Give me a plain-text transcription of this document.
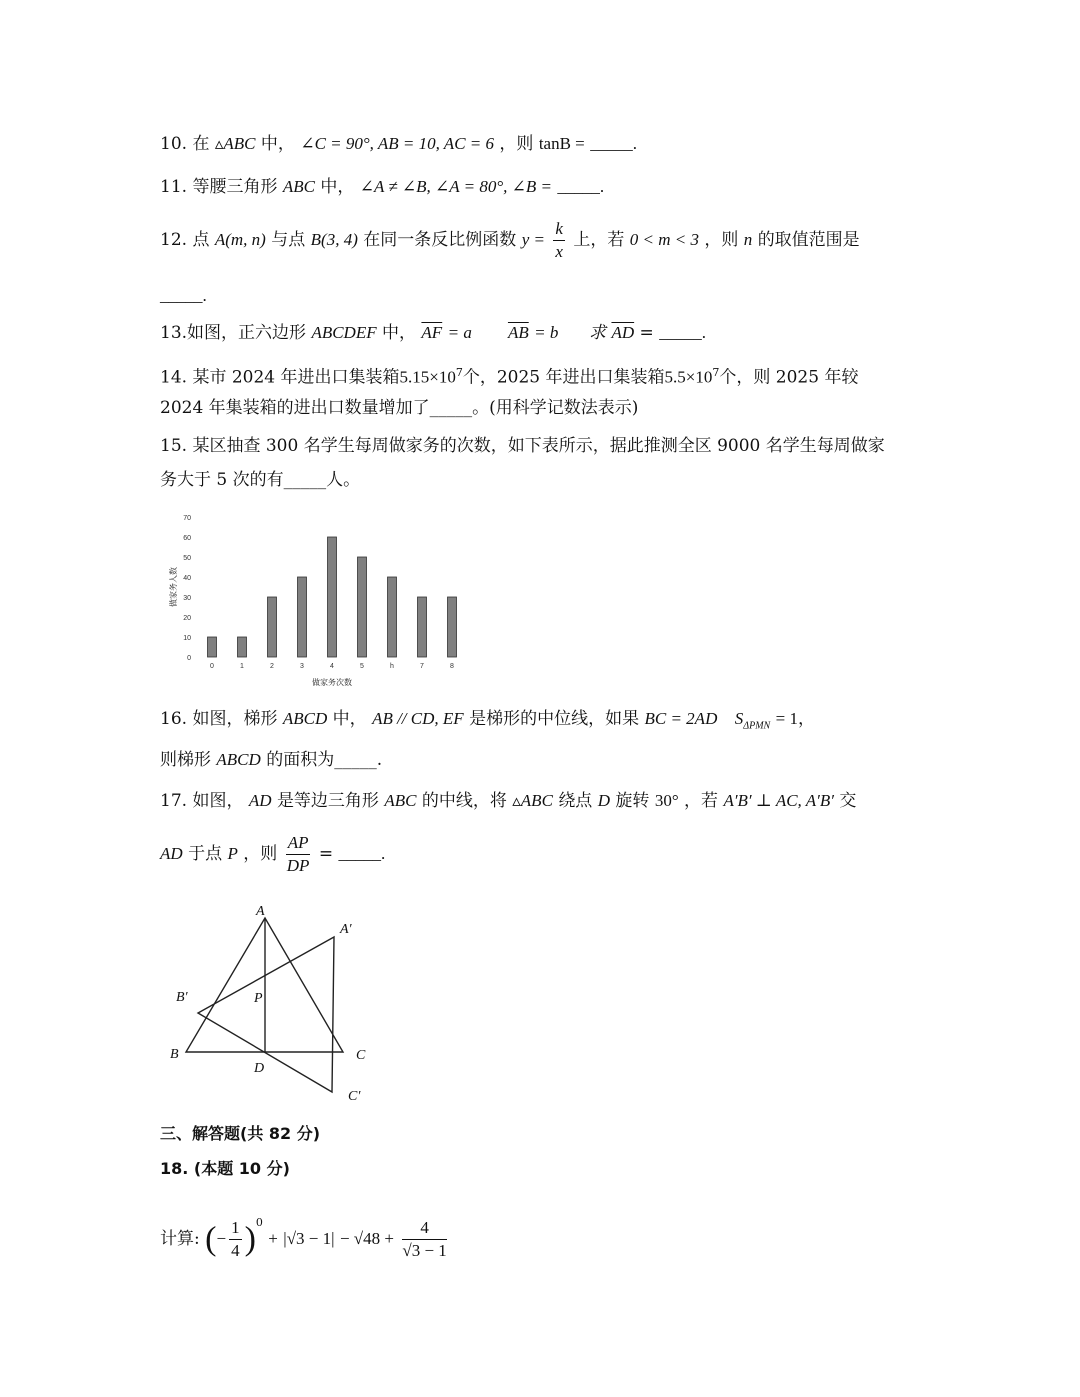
10. 在 ▵ABC 中， ∠C = 90°, AB = 10, AC = 6 ，则 tanB = _____.
11. 等腰三角形 ABC 中， ∠A ≠ ∠B, ∠A = 80°, ∠B = _____.
12. 点 A(m, n) 与点 B(3, 4) 在同一条反比例函数 $y = \frac{k}{x}$ 上，若 0 < m < 3 ，则 n 的取值范围是
_____.
13.如图，正六边形 ABCDEF 中， $\overline{AF}$ = a⃗ ， $\overline{AB}$ = b⃗ ，求 $\overline{AD}$ = _____.
14. 某市 2024 年进出口集装箱$5.15\times 10^7$个，2025 年进出口集装箱$5.5\times 10^7$个，则 2025 年较
2024 年集装箱的进出口数量增加了_____。(用科学记数法表示)
15. 某区抽查 300 名学生每周做家务的次数，如下表所示，据此推测全区 9000 名学生每周做家
务大于 5 次的有_____人。
0
10
20
30
40
50
60
70
0	1	2	3	4	5	h	7	8
做家务次数
做家务人数
16. 如图，梯形 ABCD 中， AB // CD, EF 是梯形的中位线，如果 BC = 2AD $S_{\Delta PMN} = 1$，
则梯形 ABCD 的面积为_____.
17. 如图， AD 是等边三角形 ABC 的中线，将 ▵ABC 绕点 D 旋转 30° ，若 A′B′ ⊥ AC, A′B′ 交
AD 于点 P ，则 $\frac{AP}{DP}$ = _____.
A
A′
B′	P
B
D
C
C′
三、解答题(共 82 分)
18. (本题 10 分)
计算: (− $\frac{1}{4} )^0 + |√3 - 1| - √48 + \frac{4}{√3 - 1}$
